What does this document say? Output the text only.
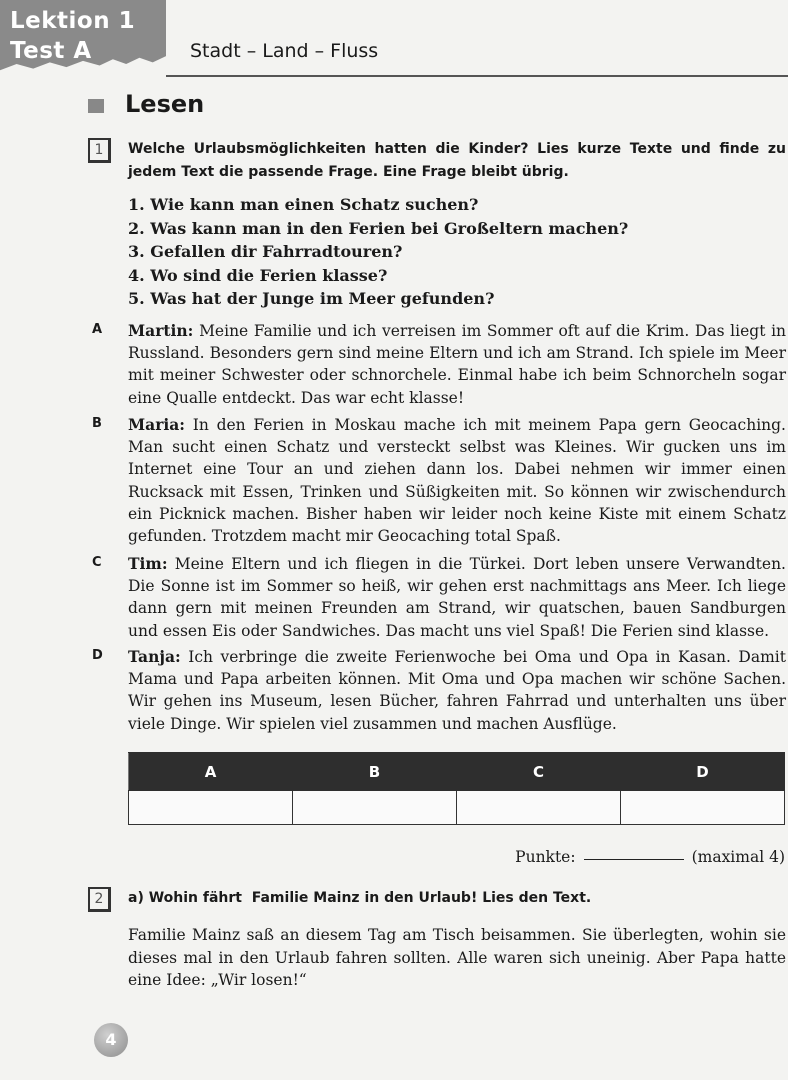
Lektion 1
Test A	Stadt – Land – Fluss
Lesen
1	Welche Urlaubsmöglichkeiten hatten die Kinder? Lies kurze Texte und finde zu jedem Text die passende Frage. Eine Frage bleibt übrig.
1. Wie kann man einen Schatz suchen?
2. Was kann man in den Ferien bei Großeltern machen?
3. Gefallen dir Fahrradtouren?
4. Wo sind die Ferien klasse?
5. Was hat der Junge im Meer gefunden?
A Martin: Meine Familie und ich verreisen im Sommer oft auf die Krim. Das liegt in Russland. Besonders gern sind meine Eltern und ich am Strand. Ich spiele im Meer mit meiner Schwester oder schnorchele. Einmal habe ich beim Schnorcheln sogar eine Qualle entdeckt. Das war echt klasse!
B Maria: In den Ferien in Moskau mache ich mit meinem Papa gern Geocaching. Man sucht einen Schatz und versteckt selbst was Kleines. Wir gucken uns im Internet eine Tour an und ziehen dann los. Dabei nehmen wir immer einen Rucksack mit Essen, Trinken und Süßigkeiten mit. So können wir zwischendurch ein Picknick machen. Bisher haben wir leider noch keine Kiste mit einem Schatz gefunden. Trotzdem macht mir Geocaching total Spaß.
C Tim: Meine Eltern und ich fliegen in die Türkei. Dort leben unsere Verwandten. Die Sonne ist im Sommer so heiß, wir gehen erst nachmittags ans Meer. Ich liege dann gern mit meinen Freunden am Strand, wir quatschen, bauen Sandburgen und essen Eis oder Sandwiches. Das macht uns viel Spaß! Die Ferien sind klasse.
D Tanja: Ich verbringe die zweite Ferienwoche bei Oma und Opa in Kasan. Damit Mama und Papa arbeiten können. Mit Oma und Opa machen wir schöne Sachen. Wir gehen ins Museum, lesen Bücher, fahren Fahrrad und unterhalten uns über viele Dinge. Wir spielen viel zusammen und machen Ausflüge.
A	B	C	D

Punkte:	(maximal 4)
2	a) Wohin fährt  Familie Mainz in den Urlaub! Lies den Text.
Familie Mainz saß an diesem Tag am Tisch beisammen. Sie überlegten, wohin sie dieses mal in den Urlaub fahren sollten. Alle waren sich uneinig. Aber Papa hatte eine Idee: „Wir losen!“
4
